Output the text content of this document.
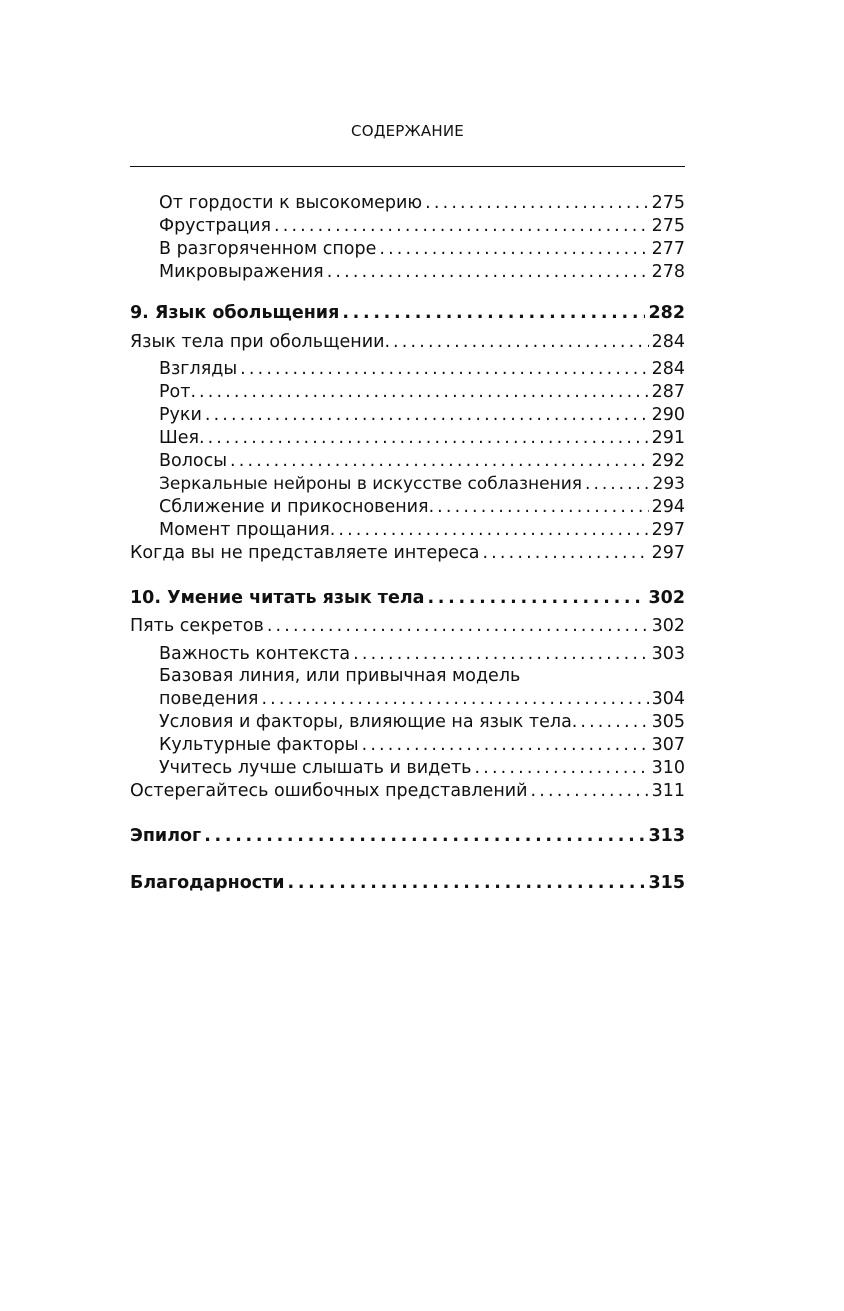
СОДЕРЖАНИЕ
От гордости к высокомерию . . .	275
Фрустрация . . .	275
В разгоряченном споре . . .	277
Микровыражения . . .	278
9. Язык обольщения . . .	282
Язык тела при обольщении. . . .	284
Взгляды . . .	284
Рот. . . .	287
Руки . . .	290
Шея. . . .	291
Волосы . . .	292
Зеркальные нейроны в искусстве соблазнения . . .	293
Сближение и прикосновения. . . .	294
Момент прощания. . . .	297
Когда вы не представляете интереса . . .	297
10. Умение читать язык тела . . .	302
Пять секретов . . .	302
Важность контекста . . .	303
Базовая линия, или привычная модель
поведения . . .	304
Условия и факторы, влияющие на язык тела. . . .	305
Культурные факторы . . .	307
Учитесь лучше слышать и видеть . . .	310
Остерегайтесь ошибочных представлений . . .	311
Эпилог . . .	313
Благодарности . . .	315
